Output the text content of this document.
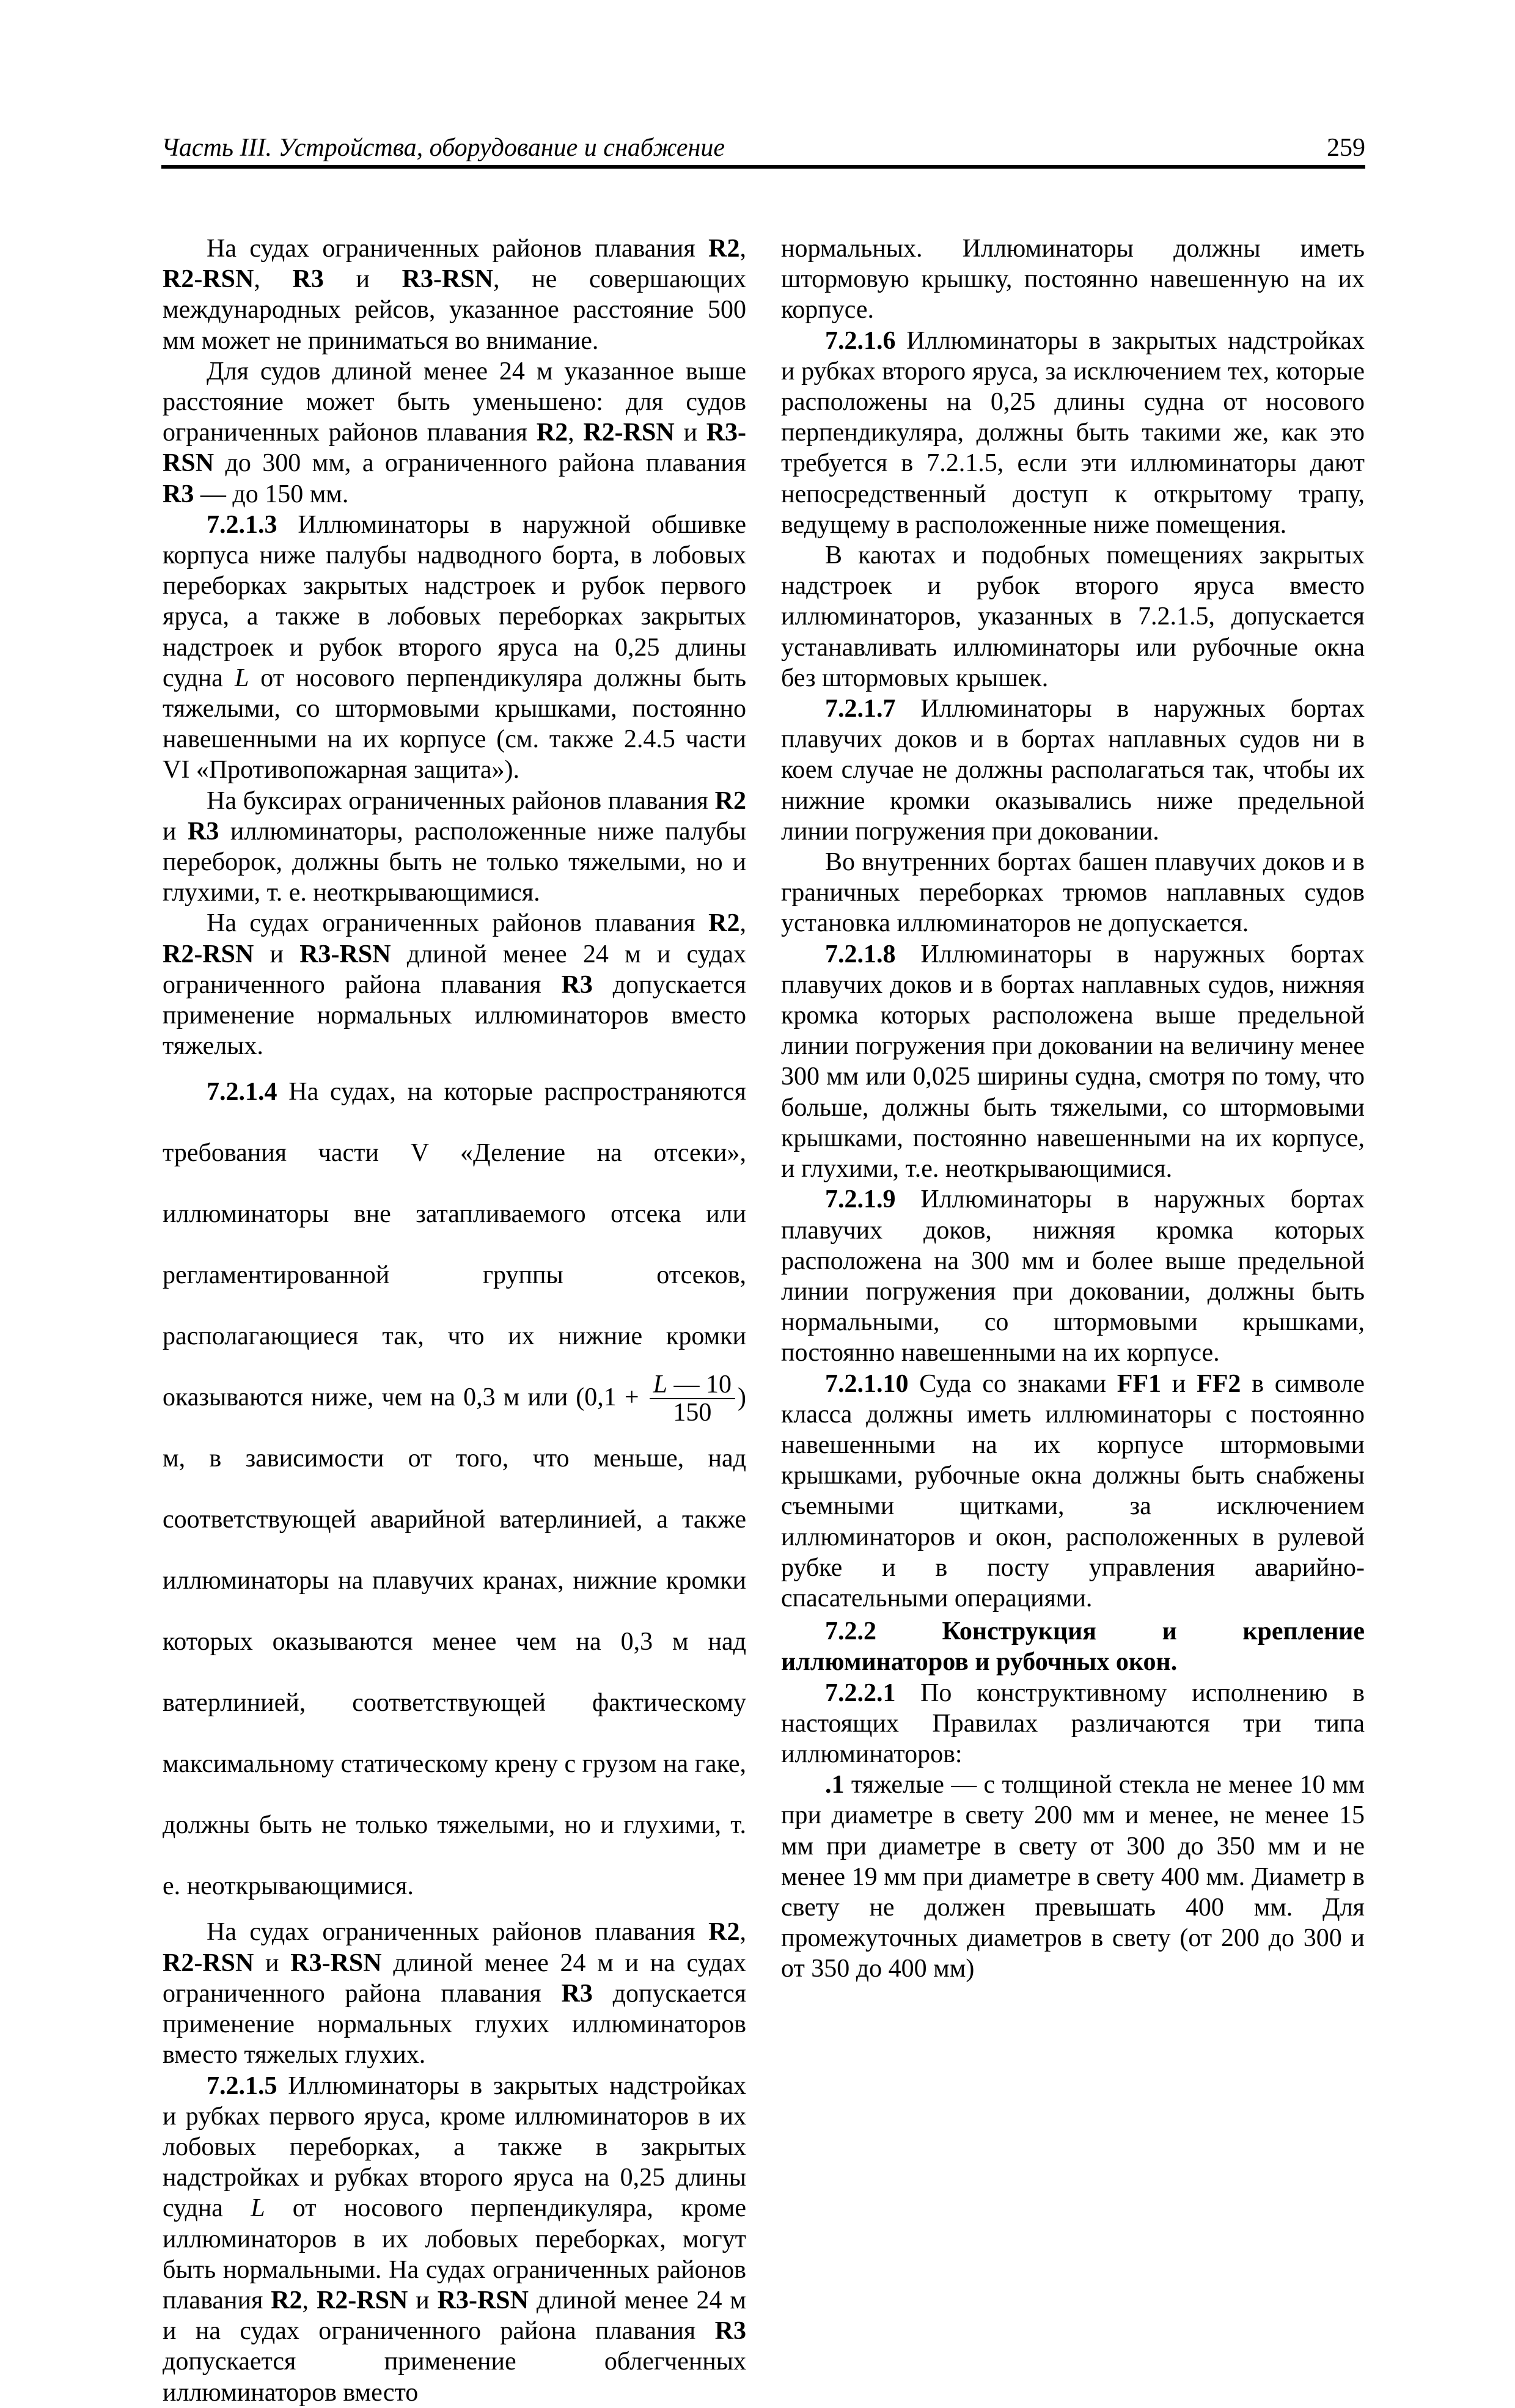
Часть III. Устройства, оборудование и снабжение	259

На судах ограниченных районов плавания R2, R2-RSN, R3 и R3-RSN, не совершающих международных рейсов, указанное расстояние 500 мм может не приниматься во внимание.

Для судов длиной менее 24 м указанное выше расстояние может быть уменьшено: для судов ограниченных районов плавания R2, R2-RSN и R3-RSN до 300 мм, а ограниченного района плавания R3 — до 150 мм.

7.2.1.3 Иллюминаторы в наружной обшивке корпуса ниже палубы надводного борта, в лобовых переборках закрытых надстроек и рубок первого яруса, а также в лобовых переборках закрытых надстроек и рубок второго яруса на 0,25 длины судна L от носового перпендикуляра должны быть тяжелыми, со штормовыми крышками, постоянно навешенными на их корпусе (см. также 2.4.5 части VI «Противопожарная защита»).

На буксирах ограниченных районов плавания R2 и R3 иллюминаторы, расположенные ниже палубы переборок, должны быть не только тяжелыми, но и глухими, т. е. неоткрывающимися.

На судах ограниченных районов плавания R2, R2-RSN и R3-RSN длиной менее 24 м и судах ограниченного района плавания R3 допускается применение нормальных иллюминаторов вместо тяжелых.

7.2.1.4 На судах, на которые распространяются требования части V «Деление на отсеки», иллюминаторы вне затапливаемого отсека или регламентированной группы отсеков, располагающиеся так, что их нижние кромки оказываются ниже, чем на 0,3 м или ($0,1 + \frac{L — 10}{150}$ ) м, в зависимости от того, что меньше, над соответствующей аварийной ватерлинией, а также иллюминаторы на плавучих кранах, нижние кромки которых оказываются менее чем на 0,3 м над ватерлинией, соответствующей фактическому максимальному статическому крену с грузом на гаке, должны быть не только тяжелыми, но и глухими, т. е. неоткрывающимися.

На судах ограниченных районов плавания R2, R2-RSN и R3-RSN длиной менее 24 м и на судах ограниченного района плавания R3 допускается применение нормальных глухих иллюминаторов вместо тяжелых глухих.

7.2.1.5 Иллюминаторы в закрытых надстройках и рубках первого яруса, кроме иллюминаторов в их лобовых переборках, а также в закрытых надстройках и рубках второго яруса на 0,25 длины судна L от носового перпендикуляра, кроме иллюминаторов в их лобовых переборках, могут быть нормальными. На судах ограниченных районов плавания R2, R2-RSN и R3-RSN длиной менее 24 м и на судах ограниченного района плавания R3 допускается применение облегченных иллюминаторов вместо

нормальных. Иллюминаторы должны иметь штормовую крышку, постоянно навешенную на их корпусе.

7.2.1.6 Иллюминаторы в закрытых надстройках и рубках второго яруса, за исключением тех, которые расположены на 0,25 длины судна от носового перпендикуляра, должны быть такими же, как это требуется в 7.2.1.5, если эти иллюминаторы дают непосредственный доступ к открытому трапу, ведущему в расположенные ниже помещения.

В каютах и подобных помещениях закрытых надстроек и рубок второго яруса вместо иллюминаторов, указанных в 7.2.1.5, допускается устанавливать иллюминаторы или рубочные окна без штормовых крышек.

7.2.1.7 Иллюминаторы в наружных бортах плавучих доков и в бортах наплавных судов ни в коем случае не должны располагаться так, чтобы их нижние кромки оказывались ниже предельной линии погружения при доковании.

Во внутренних бортах башен плавучих доков и в граничных переборках трюмов наплавных судов установка иллюминаторов не допускается.

7.2.1.8 Иллюминаторы в наружных бортах плавучих доков и в бортах наплавных судов, нижняя кромка которых расположена выше предельной линии погружения при доковании на величину менее 300 мм или 0,025 ширины судна, смотря по тому, что больше, должны быть тяжелыми, со штормовыми крышками, постоянно навешенными на их корпусе, и глухими, т.е. неоткрывающимися.

7.2.1.9 Иллюминаторы в наружных бортах плавучих доков, нижняя кромка которых расположена на 300 мм и более выше предельной линии погружения при доковании, должны быть нормальными, со штормовыми крышками, постоянно навешенными на их корпусе.

7.2.1.10 Суда со знаками FF1 и FF2 в символе класса должны иметь иллюминаторы с постоянно навешенными на их корпусе штормовыми крышками, рубочные окна должны быть снабжены съемными щитками, за исключением иллюминаторов и окон, расположенных в рулевой рубке и в посту управления аварийно-спасательными операциями.

7.2.2 Конструкция и крепление иллюминаторов и рубочных окон.

7.2.2.1 По конструктивному исполнению в настоящих Правилах различаются три типа иллюминаторов:

.1 тяжелые — с толщиной стекла не менее 10 мм при диаметре в свету 200 мм и менее, не менее 15 мм при диаметре в свету от 300 до 350 мм и не менее 19 мм при диаметре в свету 400 мм. Диаметр в свету не должен превышать 400 мм. Для промежуточных диаметров в свету (от 200 до 300 и от 350 до 400 мм)
